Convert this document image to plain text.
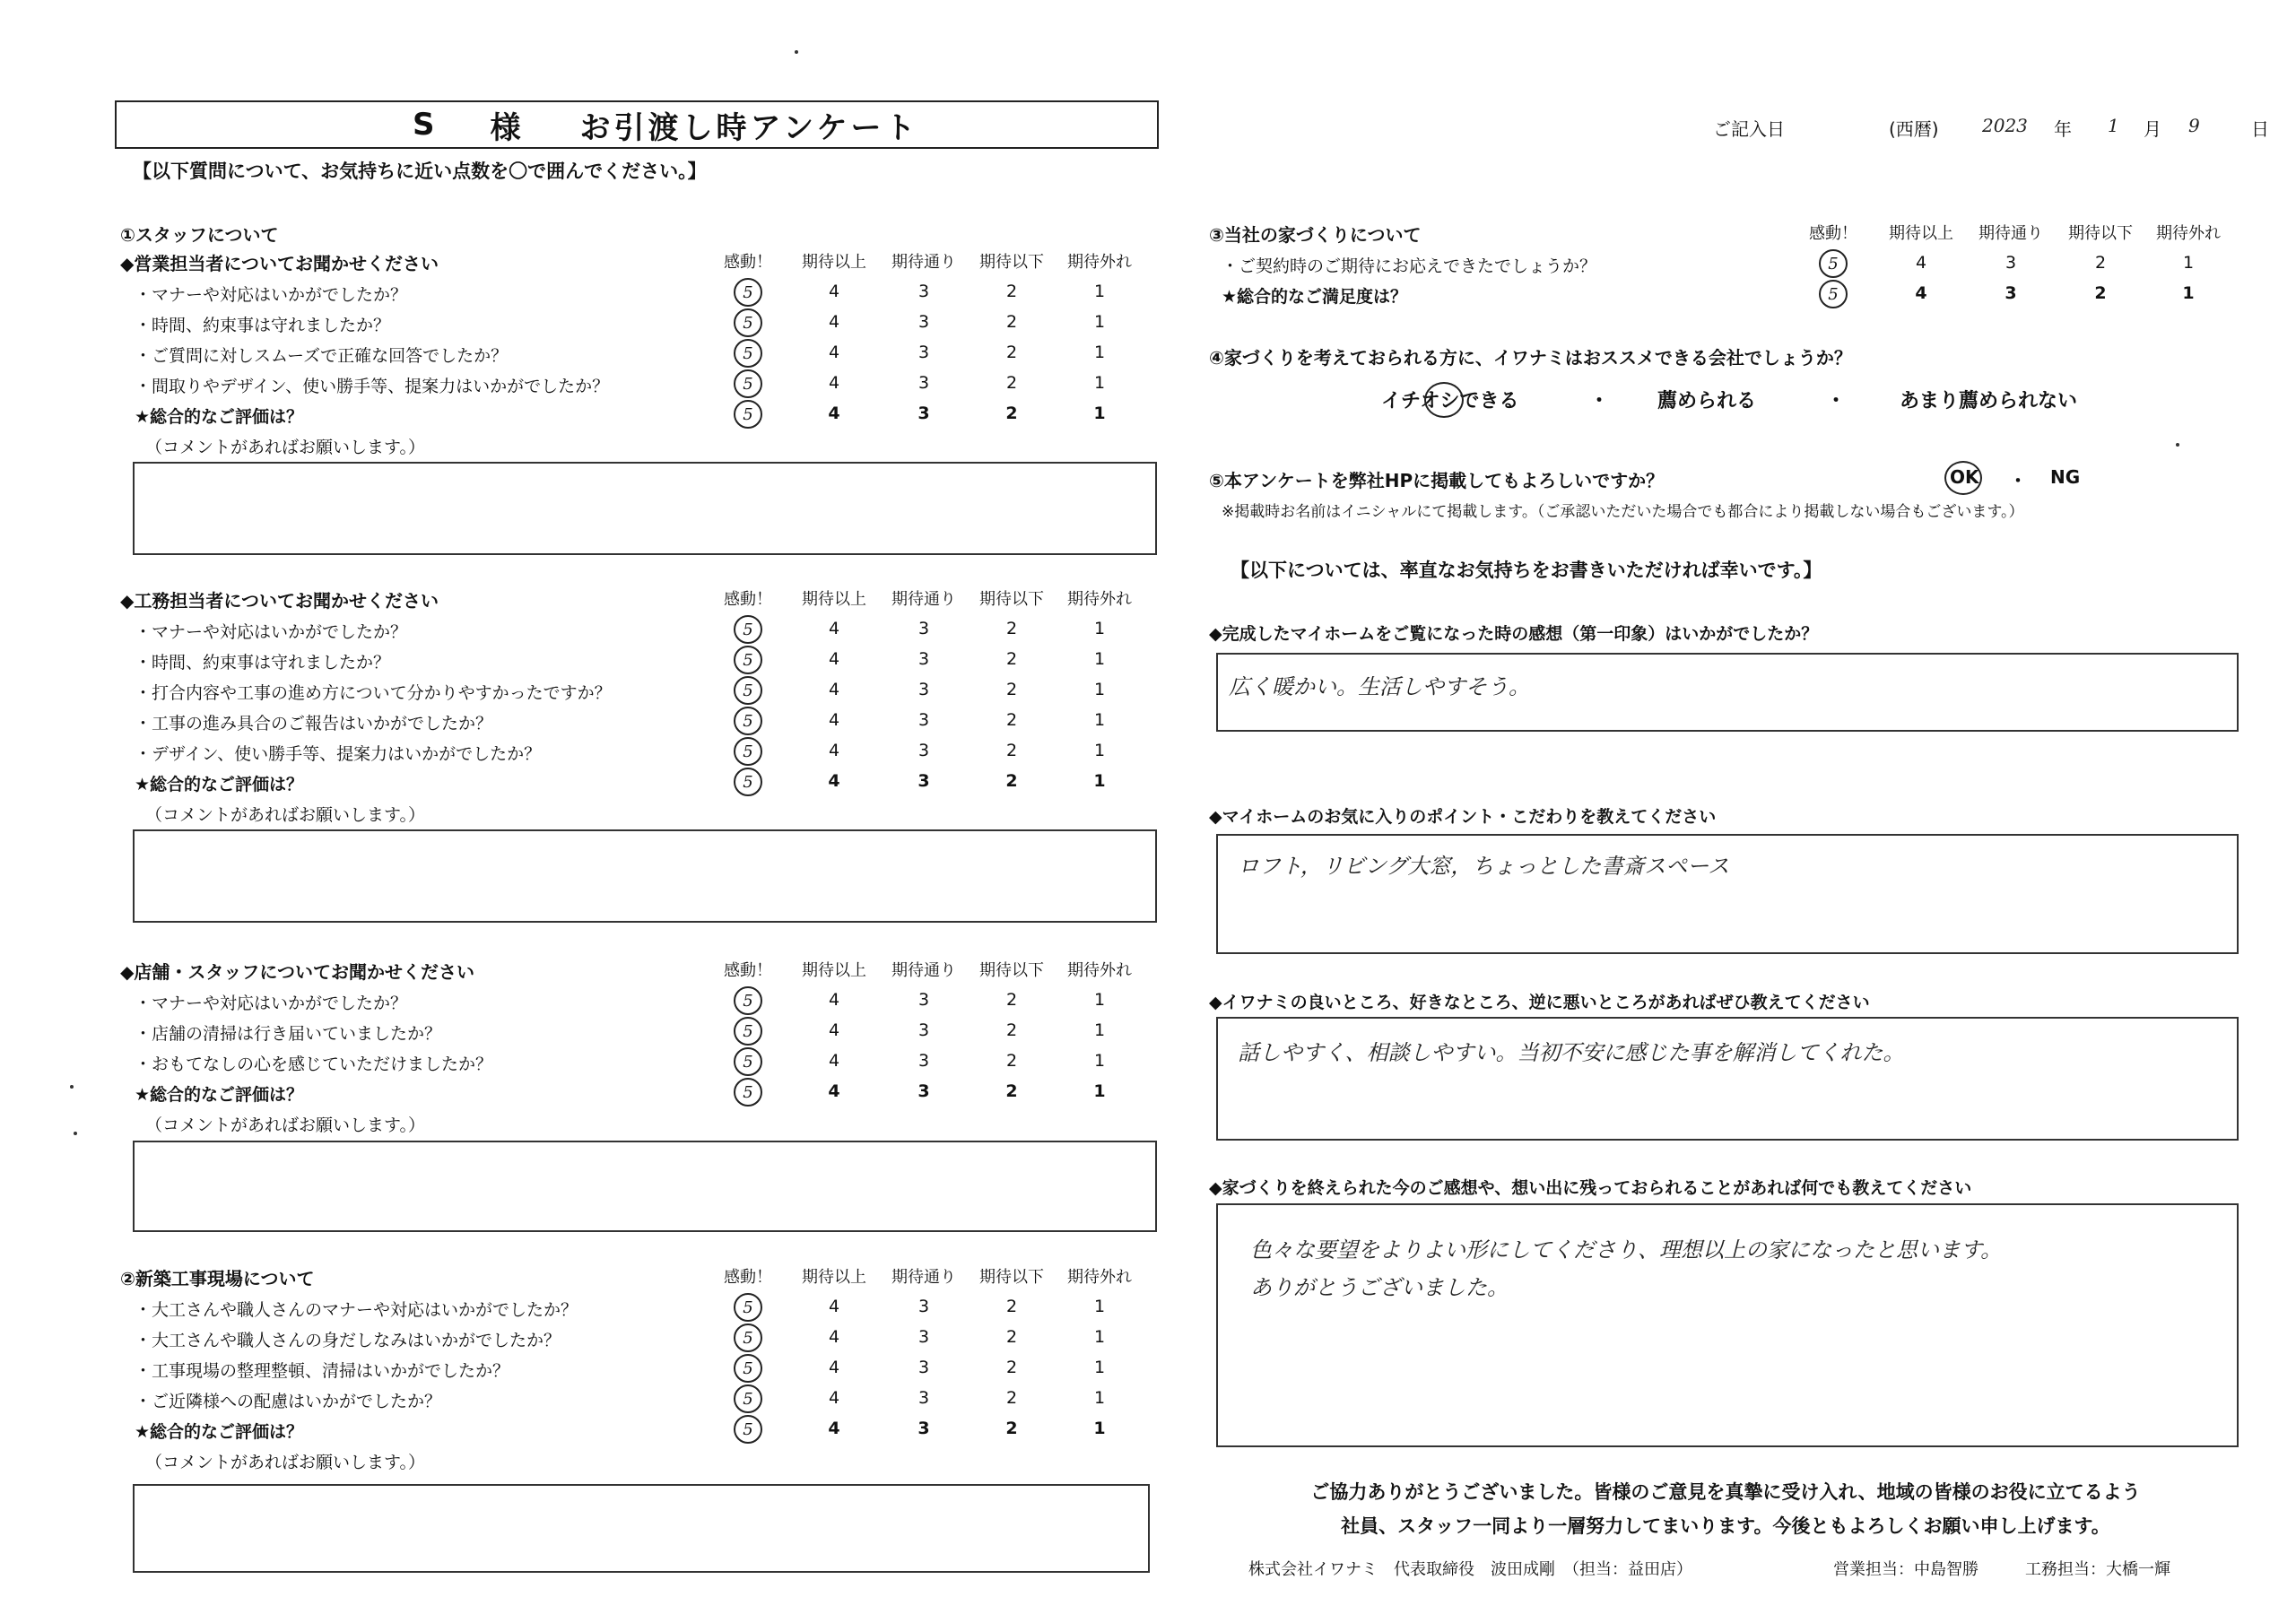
S 様 お引渡し時アンケート	ご記入日	(西暦) 2023 年 1 月 9	日
【以下質問について、お気持ちに近い点数を〇で囲んでください。】
③当社の家づくりについて
④家づくりを考えておられる方に、イワナミはおススメできる会社でしょうか？
イチオシできる	・ 薦められる	・	あまり薦められない
⑤本アンケートを弊社HPに掲載してもよろしいですか？	OK ・ NG
※掲載時お名前はイニシャルにて掲載します。（ご承認いただいた場合でも都合により掲載しない場合もございます。）
【以下については、率直なお気持ちをお書きいただければ幸いです。】
◆完成したマイホームをご覧になった時の感想（第一印象）はいかがでしたか？
広く暖かい。生活しやすそう。
◆マイホームのお気に入りのポイント・こだわりを教えてください
ロフト，リビング大窓，ちょっとした書斎スペース
◆イワナミの良いところ、好きなところ、逆に悪いところがあればぜひ教えてください
話しやすく、相談しやすい。当初不安に感じた事を解消してくれた。
◆家づくりを終えられた今のご感想や、想い出に残っておられることがあれば何でも教えてください
色々な要望をよりよい形にしてくださり、理想以上の家になったと思います。
ありがとうございました。
ご協力ありがとうございました。皆様のご意見を真摯に受け入れ、地域の皆様のお役に立てるよう
社員、スタッフ一同より一層努力してまいります。今後ともよろしくお願い申し上げます。
株式会社イワナミ　代表取締役　波田成剛　（担当：益田店）	営業担当：中島智勝	工務担当：大橋一輝
①スタッフについて
◆営業担当者についてお聞かせください	感動！	期待以上	期待通り	期待以下	期待外れ
・マナーや対応はいかがでしたか？	5	4	3	2	1
・時間、約束事は守れましたか？	5	4	3	2	1
・ご質問に対しスムーズで正確な回答でしたか？	5	4	3	2	1
・間取りやデザイン、使い勝手等、提案力はいかがでしたか？	5	4	3	2	1
★総合的なご評価は？	5	4	3	2	1
（コメントがあればお願いします。）
◆工務担当者についてお聞かせください	感動！	期待以上	期待通り	期待以下	期待外れ
・マナーや対応はいかがでしたか？	5	4	3	2	1
・時間、約束事は守れましたか？	5	4	3	2	1
・打合内容や工事の進め方について分かりやすかったですか？	5	4	3	2	1
・工事の進み具合のご報告はいかがでしたか？	5	4	3	2	1
・デザイン、使い勝手等、提案力はいかがでしたか？	5	4	3	2	1
★総合的なご評価は？	5	4	3	2	1
（コメントがあればお願いします。）
◆店舗・スタッフについてお聞かせください	感動！	期待以上	期待通り	期待以下	期待外れ
・マナーや対応はいかがでしたか？	5	4	3	2	1
・店舗の清掃は行き届いていましたか？	5	4	3	2	1
・おもてなしの心を感じていただけましたか？	5	4	3	2	1
★総合的なご評価は？	5	4	3	2	1
（コメントがあればお願いします。）
②新築工事現場について	感動！	期待以上	期待通り	期待以下	期待外れ
・大工さんや職人さんのマナーや対応はいかがでしたか？	5	4	3	2	1
・大工さんや職人さんの身だしなみはいかがでしたか？	5	4	3	2	1
・工事現場の整理整頓、清掃はいかがでしたか？	5	4	3	2	1
・ご近隣様への配慮はいかがでしたか？	5	4	3	2	1
★総合的なご評価は？	5	4	3	2	1
（コメントがあればお願いします。）
感動！	期待以上	期待通り	期待以下	期待外れ
・ご契約時のご期待にお応えできたでしょうか？	5	4	3	2	1
★総合的なご満足度は？	5	4	3	2	1
